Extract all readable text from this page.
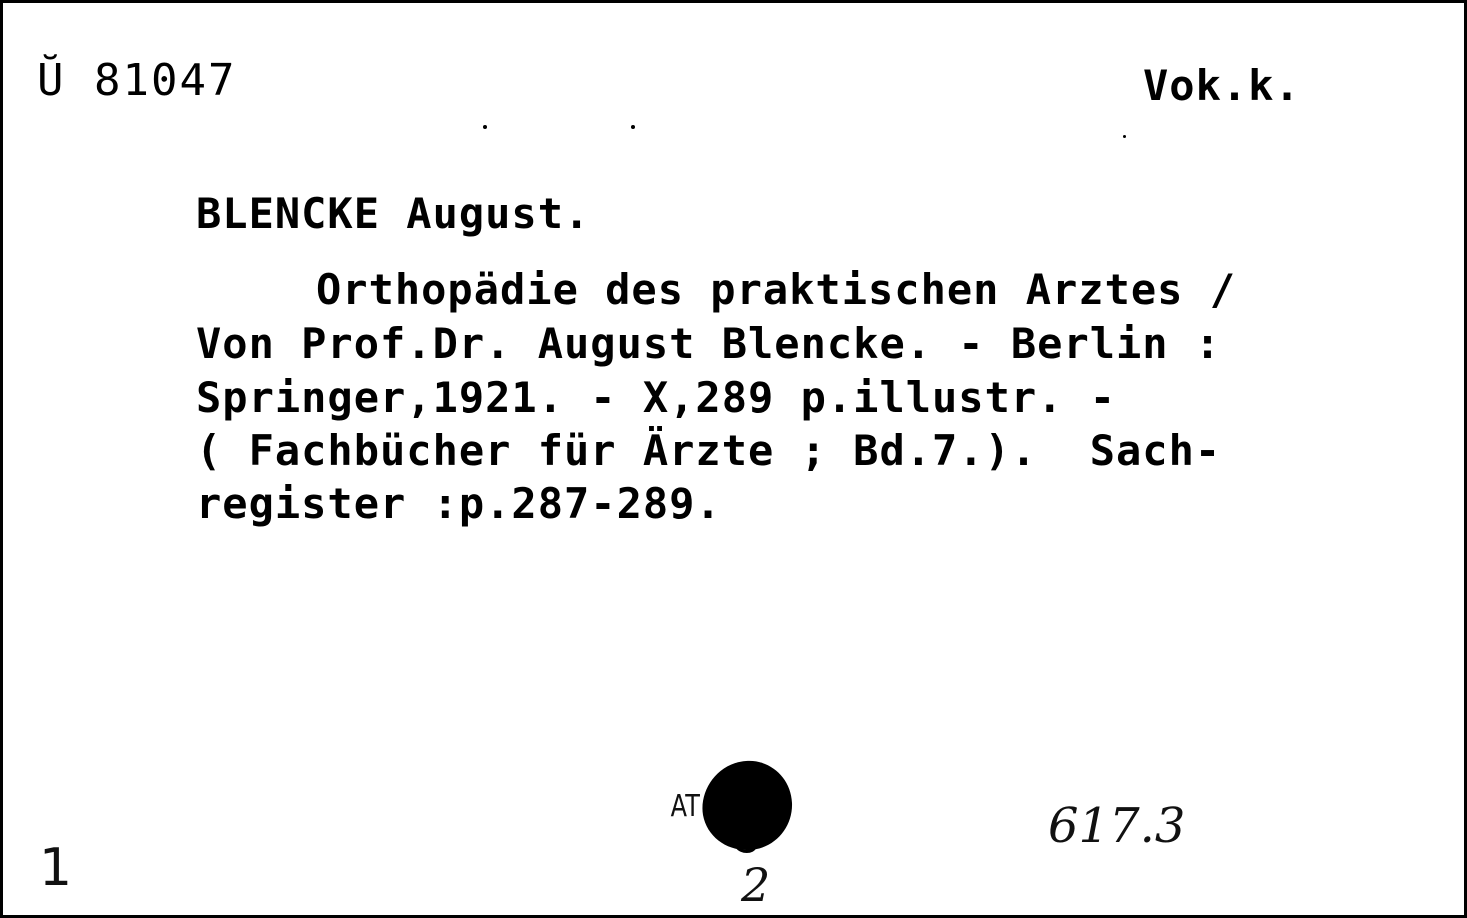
Ŭ 81047	Vok.k.
BLENCKE August.
Orthopädie des praktischen Arztes /
Von Prof.Dr. August Blencke. - Berlin :
Springer,1921. - X,289 p.illustr. -
( Fachbücher für Ärzte ; Bd.7.).  Sach-
register :p.287-289.
AT
1
617.3
2
